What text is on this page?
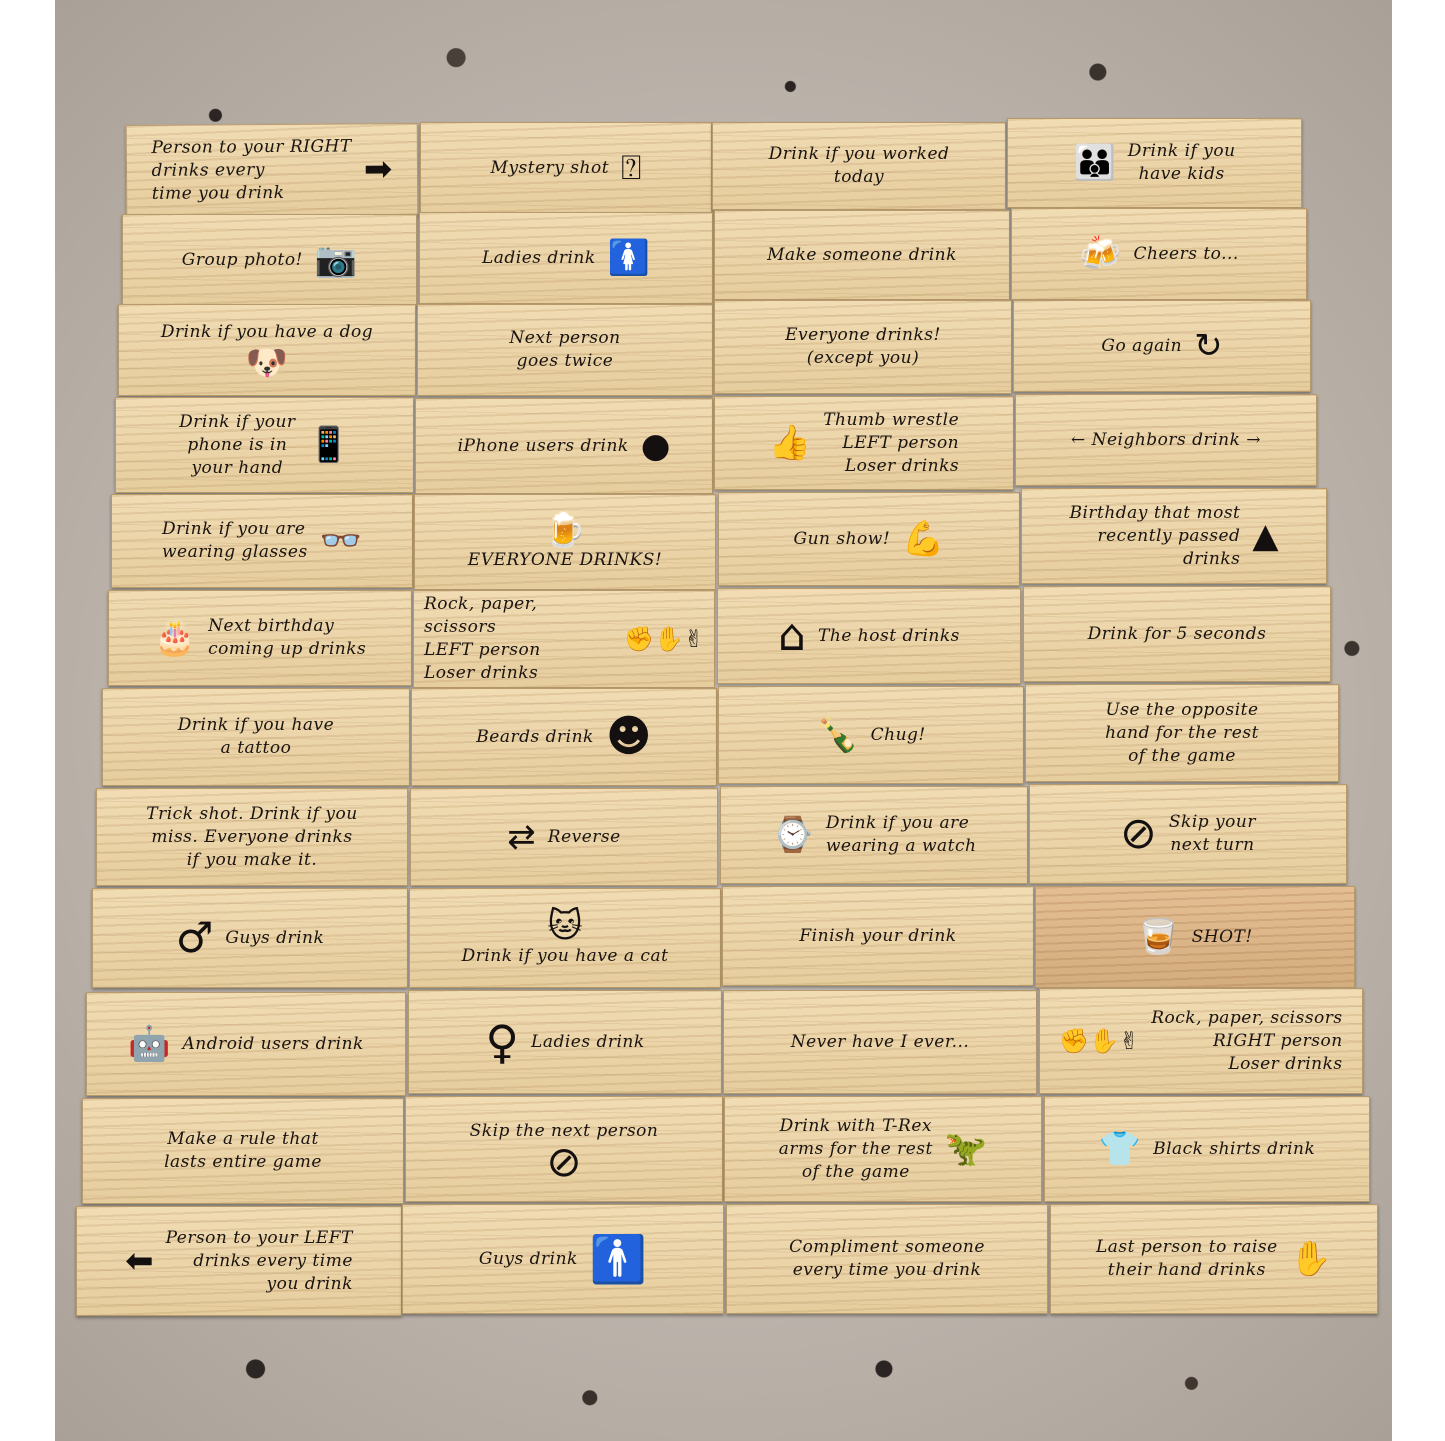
Person to your RIGHT
drinks every
time you drink
➡	Mystery shot ⍰	Drink if you worked
today	👪 Drink if you
have kids
Group photo! 📷	Ladies drink 🚺	Make someone drink	🍻 Cheers to...
Drink if you have a dog
🐶
Next person
goes twice
Everyone drinks!
(except you)
Go again ↻
Drink if your
phone is in
your hand
📱	iPhone users drink ●	👍
Thumb wrestle
LEFT person
Loser drinks
← Neighbors drink →
Drink if you are
wearing glasses 👓	🍺
EVERYONE DRINKS!
Gun show! 💪
Birthday that most
recently passed
drinks
▲
🎂 Next birthday
coming up drinks
Rock, paper, scissors
LEFT person
Loser drinks
✊✋✌ ⌂ The host drinks	Drink for 5 seconds
Drink if you have
a tattoo
Beards drink ☻	🍾 Chug!
Use the opposite
hand for the rest
of the game
Trick shot. Drink if you
miss. Everyone drinks
if you make it.
⇄ Reverse	⌚ Drink if you are
wearing a watch	⊘ Skip your
next turn
♂ Guys drink	🐱
Drink if you have a cat
Finish your drink	🥃 SHOT!
🤖 Android users drink	♀ Ladies drink	Never have I ever...	✊✋✌
Rock, paper, scissors
RIGHT person
Loser drinks
Make a rule that
lasts entire game
Skip the next person
⊘
Drink with T-Rex
arms for the rest
of the game
🦖	👕 Black shirts drink
⬅
Person to your LEFT
drinks every time
you drink
Guys drink 🚹	Compliment someone
every time you drink
Last person to raise
their hand drinks ✋
